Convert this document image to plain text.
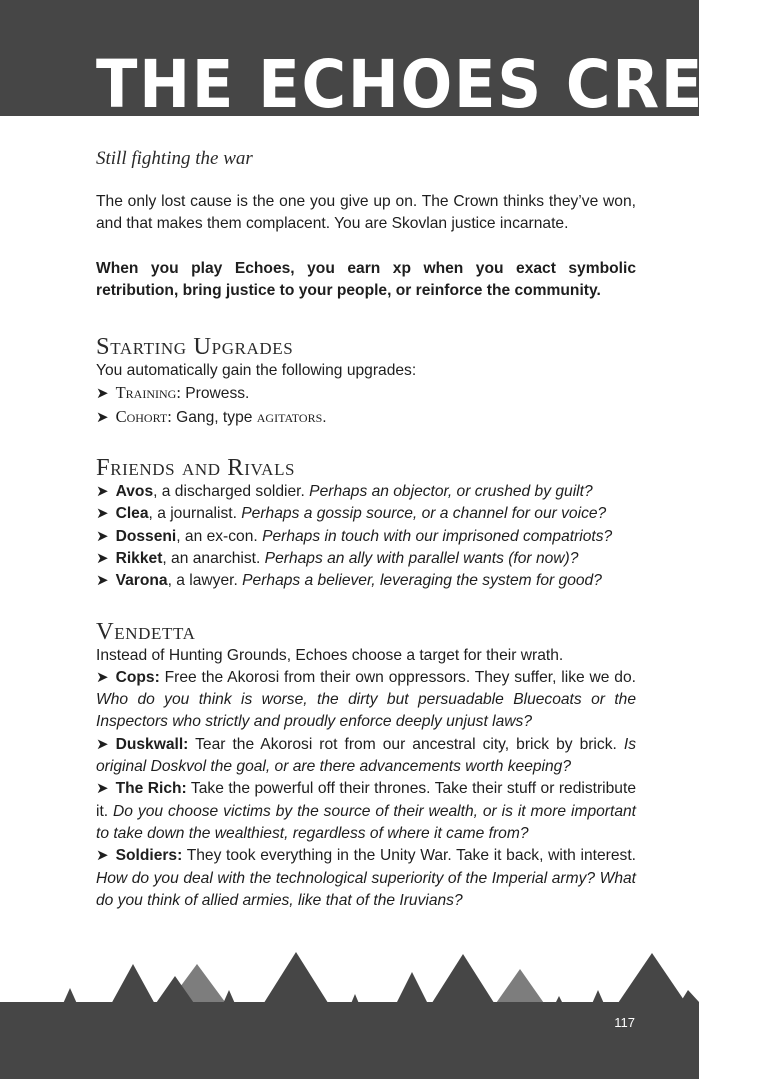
THE ECHOES CREW

Still fighting the war

The only lost cause is the one you give up on. The Crown thinks they’ve won, and that makes them complacent. You are Skovlan justice incarnate.

When you play Echoes, you earn xp when you exact symbolic retribution, bring justice to your people, or reinforce the community.

Starting Upgrades

You automatically gain the following upgrades:

➤ Training: Prowess.

➤ Cohort: Gang, type agitators.

Friends and Rivals

➤ Avos, a discharged soldier. Perhaps an objector, or crushed by guilt?

➤ Clea, a journalist. Perhaps a gossip source, or a channel for our voice?

➤ Dosseni, an ex-con. Perhaps in touch with our imprisoned compatriots?

➤ Rikket, an anarchist. Perhaps an ally with parallel wants (for now)?

➤ Varona, a lawyer. Perhaps a believer, leveraging the system for good?

Vendetta

Instead of Hunting Grounds, Echoes choose a target for their wrath.

➤ Cops: Free the Akorosi from their own oppressors. They suffer, like we do. Who do you think is worse, the dirty but persuadable Bluecoats or the Inspectors who strictly and proudly enforce deeply unjust laws?

➤ Duskwall: Tear the Akorosi rot from our ancestral city, brick by brick. Is original Doskvol the goal, or are there advancements worth keeping?

➤ The Rich: Take the powerful off their thrones. Take their stuff or redistribute it. Do you choose victims by the source of their wealth, or is it more important to take down the wealthiest, regardless of where it came from?

➤ Soldiers: They took everything in the Unity War. Take it back, with interest. How do you deal with the technological superiority of the Imperial army? What do you think of allied armies, like that of the Iruvians?

117
